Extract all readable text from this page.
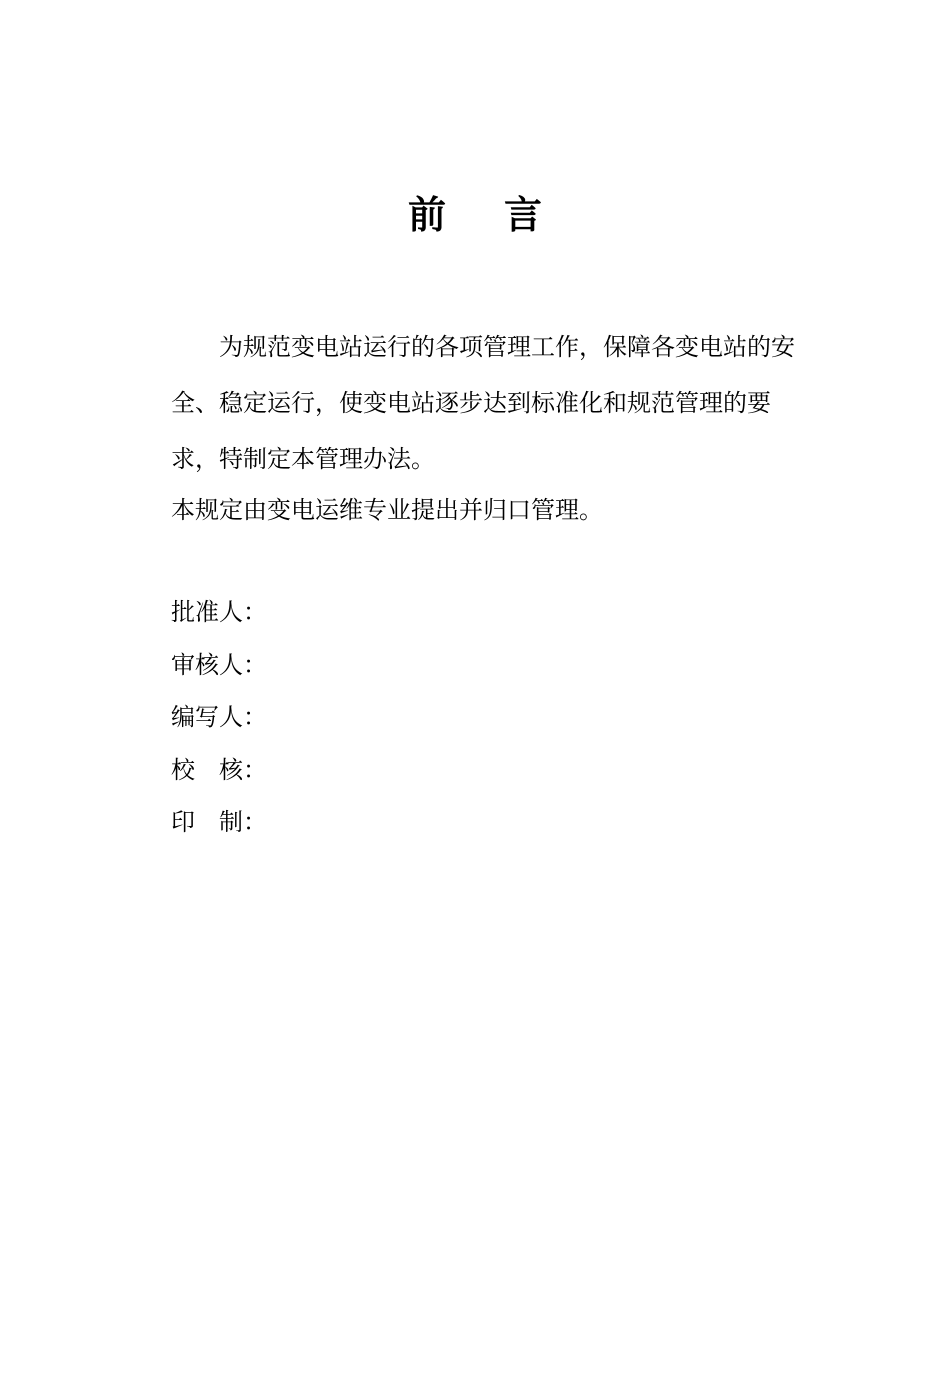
前言

为规范变电站运行的各项管理工作，保障各变电站的安全、稳定运行，使变电站逐步达到标准化和规范管理的要求，特制定本管理办法。

本规定由变电运维专业提出并归口管理。

批准人：
审核人：
编写人：
校　核：
印　制：
